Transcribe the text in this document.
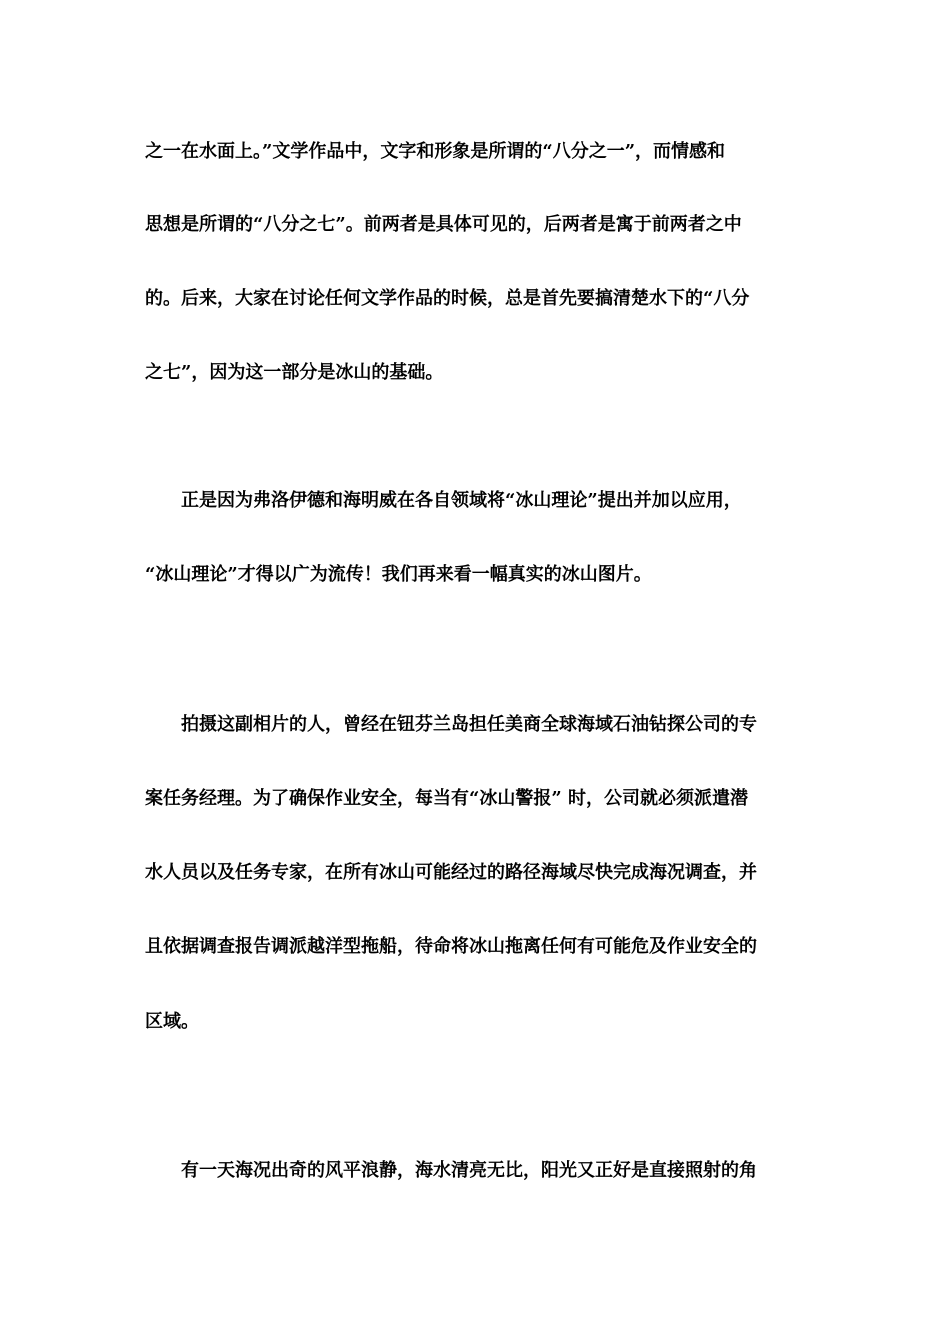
之一在水面上。”文学作品中，文字和形象是所谓的“八分之一”，而情感和
思想是所谓的“八分之七”。前两者是具体可见的，后两者是寓于前两者之中
的。后来，大家在讨论任何文学作品的时候，总是首先要搞清楚水下的“八分
之七”，因为这一部分是冰山的基础。
正是因为弗洛伊德和海明威在各自领域将“冰山理论”提出并加以应用，
“冰山理论”才得以广为流传！我们再来看一幅真实的冰山图片。
拍摄这副相片的人，曾经在钮芬兰岛担任美商全球海域石油钻探公司的专
案任务经理。为了确保作业安全，每当有“冰山警报” 时，公司就必须派遣潜
水人员以及任务专家，在所有冰山可能经过的路径海域尽快完成海况调查，并
且依据调查报告调派越洋型拖船，待命将冰山拖离任何有可能危及作业安全的
区域。
有一天海况出奇的风平浪静，海水清亮无比，阳光又正好是直接照射的角
